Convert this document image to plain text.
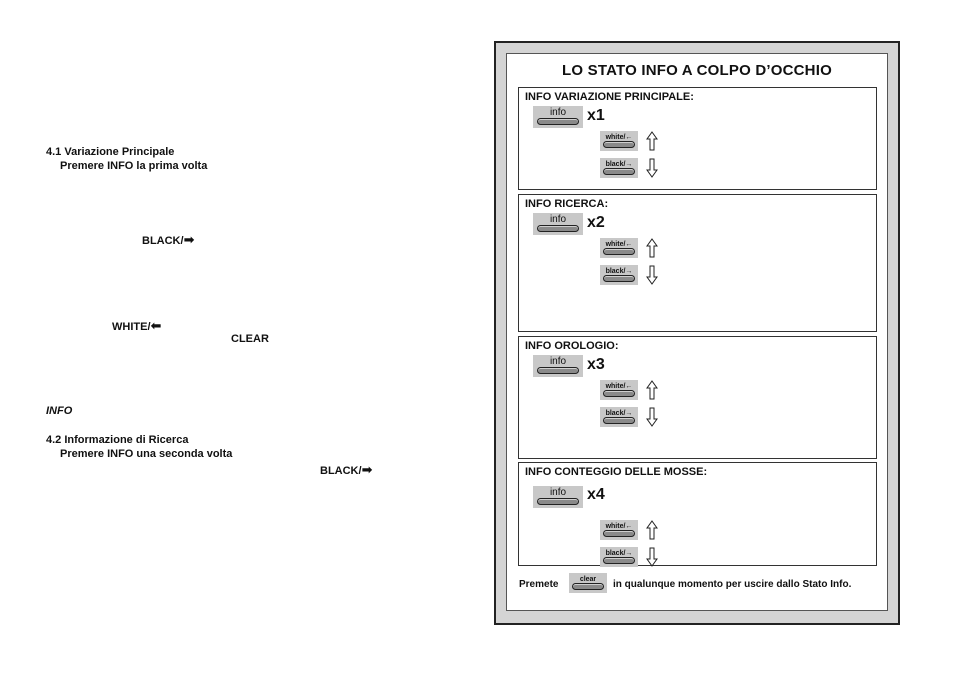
4.1 Variazione Principale
Premere INFO la prima volta
BLACK/➡
WHITE/⬅
CLEAR
INFO
4.2 Informazione di Ricerca
Premere INFO una seconda volta
BLACK/➡
LO STATO INFO A COLPO D’OCCHIO
INFO VARIAZIONE PRINCIPALE:
info	x1
white/←
black/→
INFO RICERCA:
info	x2
white/←
black/→
INFO OROLOGIO:
info	x3
white/←
black/→
INFO CONTEGGIO DELLE MOSSE:
info	x4
white/←
black/→
Premete	clear	in qualunque momento per uscire dallo Stato Info.
